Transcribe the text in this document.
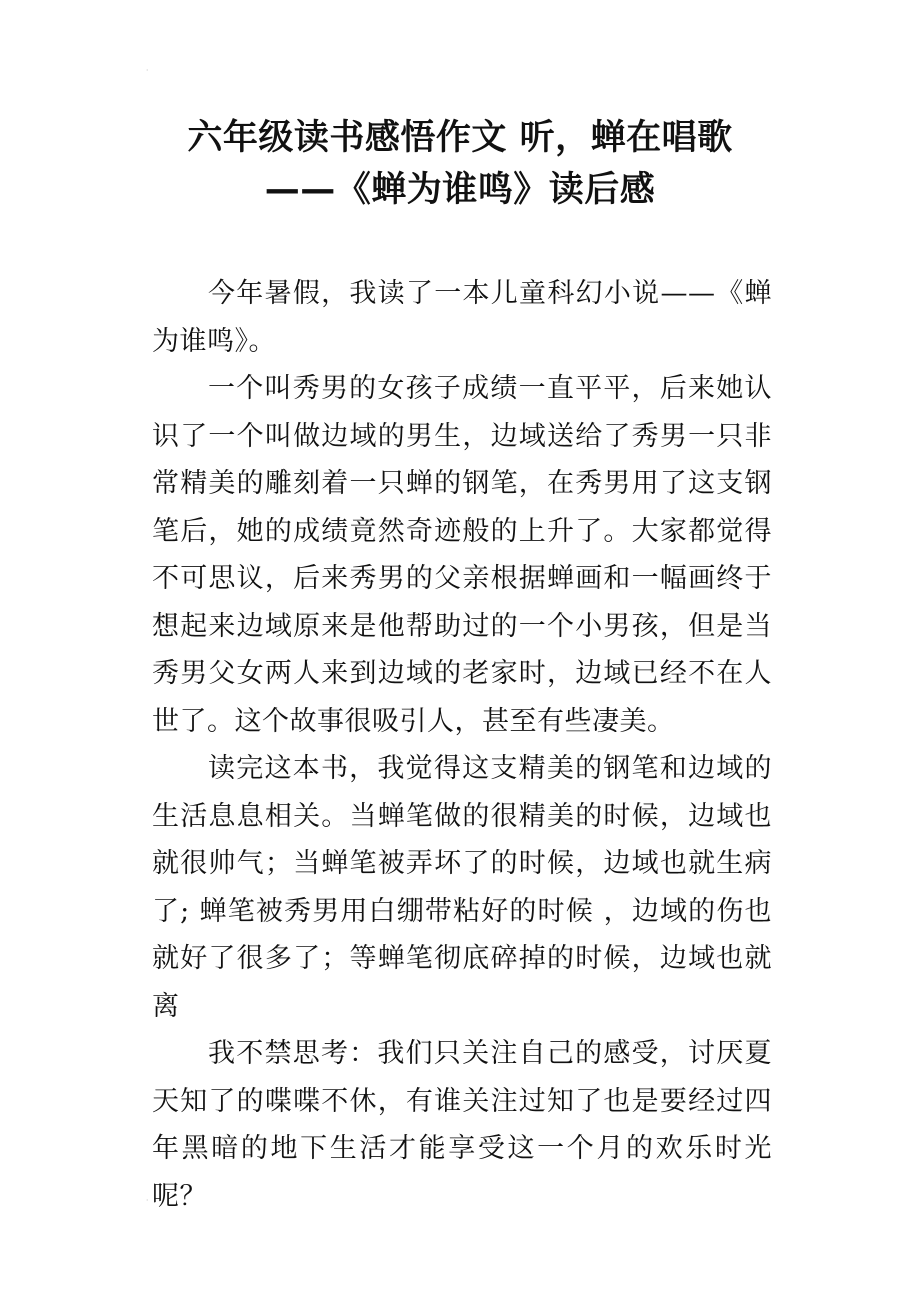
⸱
六年级读书感悟作文 听，蝉在唱歌
——《蝉为谁鸣》读后感

今年暑假，我读了一本儿童科幻小说——《蝉为谁鸣》。

一个叫秀男的女孩子成绩一直平平，后来她认识了一个叫做边域的男生，边域送给了秀男一只非常精美的雕刻着一只蝉的钢笔，在秀男用了这支钢笔后，她的成绩竟然奇迹般的上升了。大家都觉得不可思议，后来秀男的父亲根据蝉画和一幅画终于想起来边域原来是他帮助过的一个小男孩，但是当秀男父女两人来到边域的老家时，边域已经不在人世了。这个故事很吸引人，甚至有些凄美。

读完这本书，我觉得这支精美的钢笔和边域的生活息息相关。当蝉笔做的很精美的时候，边域也就很帅气；当蝉笔被弄坏了的时候，边域也就生病了; 蝉笔被秀男用白绷带粘好的时候 ，边域的伤也就好了很多了；等蝉笔彻底碎掉的时候，边域也就离

我不禁思考：我们只关注自己的感受，讨厌夏天知了的喋喋不休，有谁关注过知了也是要经过四年黑暗的地下生活才能享受这一个月的欢乐时光呢？

⸱
